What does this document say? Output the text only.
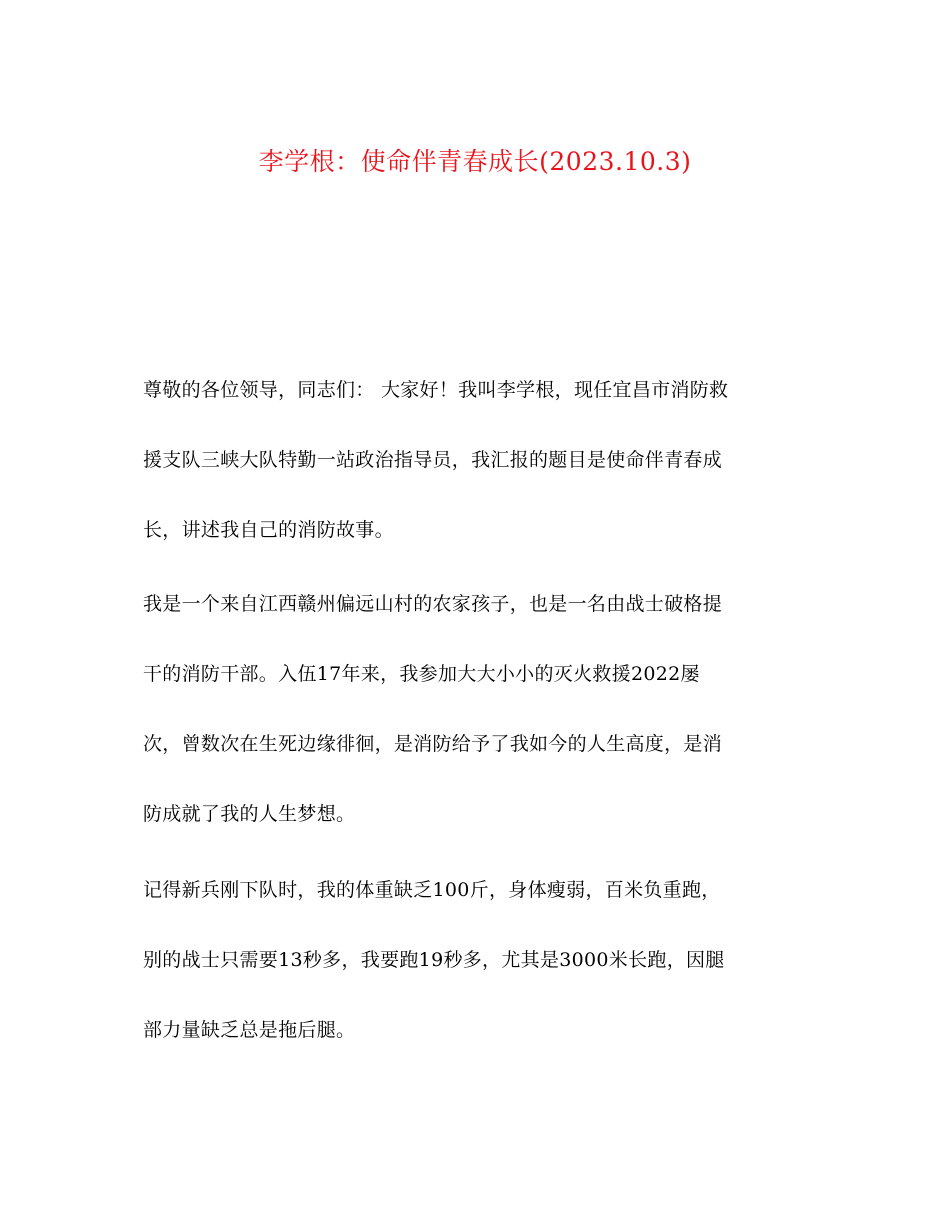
李学根：使命伴青春成长(2023.10.3)
尊敬的各位领导，同志们： 大家好！我叫李学根，现任宜昌市消防救
援支队三峡大队特勤一站政治指导员，我汇报的题目是使命伴青春成
长，讲述我自己的消防故事。
我是一个来自江西赣州偏远山村的农家孩子，也是一名由战士破格提
干的消防干部。入伍17年来，我参加大大小小的灭火救援2022屡
次，曾数次在生死边缘徘徊，是消防给予了我如今的人生高度，是消
防成就了我的人生梦想。
记得新兵刚下队时，我的体重缺乏100斤，身体瘦弱，百米负重跑，
别的战士只需要13秒多，我要跑19秒多，尤其是3000米长跑，因腿
部力量缺乏总是拖后腿。
